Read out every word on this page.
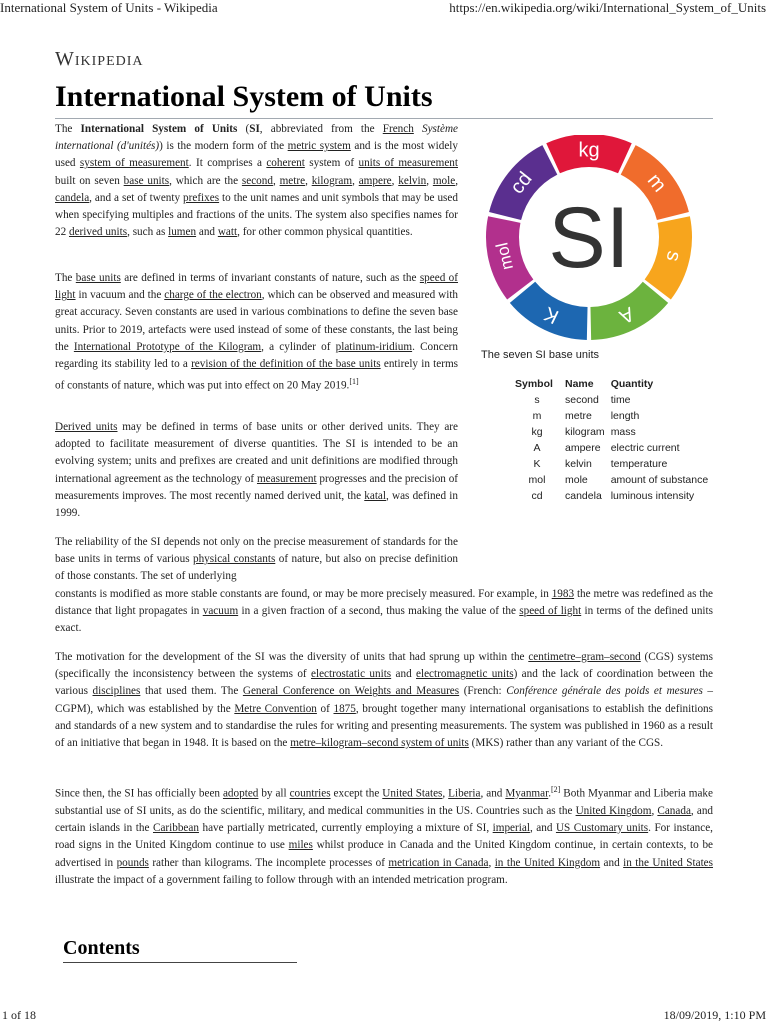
International System of Units - Wikipedia	https://en.wikipedia.org/wiki/International_System_of_Units
Wikipedia
International System of Units
The International System of Units (SI, abbreviated from the French Système international (d'unités)) is the modern form of the metric system and is the most widely used system of measurement. It comprises a coherent system of units of measurement built on seven base units, which are the second, metre, kilogram, ampere, kelvin, mole, candela, and a set of twenty prefixes to the unit names and unit symbols that may be used when specifying multiples and fractions of the units. The system also specifies names for 22 derived units, such as lumen and watt, for other common physical quantities.
The base units are defined in terms of invariant constants of nature, such as the speed of light in vacuum and the charge of the electron, which can be observed and measured with great accuracy. Seven constants are used in various combinations to define the seven base units. Prior to 2019, artefacts were used instead of some of these constants, the last being the International Prototype of the Kilogram, a cylinder of platinum-iridium. Concern regarding its stability led to a revision of the definition of the base units entirely in terms of constants of nature, which was put into effect on 20 May 2019.[1]
Derived units may be defined in terms of base units or other derived units. They are adopted to facilitate measurement of diverse quantities. The SI is intended to be an evolving system; units and prefixes are created and unit definitions are modified through international agreement as the technology of measurement progresses and the precision of measurements improves. The most recently named derived unit, the katal, was defined in 1999.
The reliability of the SI depends not only on the precise measurement of standards for the base units in terms of various physical constants of nature, but also on precise definition of those constants. The set of underlying
constants is modified as more stable constants are found, or may be more precisely measured. For example, in 1983 the metre was redefined as the distance that light propagates in vacuum in a given fraction of a second, thus making the value of the speed of light in terms of the defined units exact.
The motivation for the development of the SI was the diversity of units that had sprung up within the centimetre–gram–second (CGS) systems (specifically the inconsistency between the systems of electrostatic units and electromagnetic units) and the lack of coordination between the various disciplines that used them. The General Conference on Weights and Measures (French: Conférence générale des poids et mesures – CGPM), which was established by the Metre Convention of 1875, brought together many international organisations to establish the definitions and standards of a new system and to standardise the rules for writing and presenting measurements. The system was published in 1960 as a result of an initiative that began in 1948. It is based on the metre–kilogram–second system of units (MKS) rather than any variant of the CGS.
Since then, the SI has officially been adopted by all countries except the United States, Liberia, and Myanmar.[2] Both Myanmar and Liberia make substantial use of SI units, as do the scientific, military, and medical communities in the US. Countries such as the United Kingdom, Canada, and certain islands in the Caribbean have partially metricated, currently employing a mixture of SI, imperial, and US Customary units. For instance, road signs in the United Kingdom continue to use miles whilst produce in Canada and the United Kingdom continue, in certain contexts, to be advertised in pounds rather than kilograms. The incomplete processes of metrication in Canada, in the United Kingdom and in the United States illustrate the impact of a government failing to follow through with an intended metrication program.
kg
m
s
A
K
mol
cd
SI
The seven SI base units
Symbol	Name	Quantity
s	second	time
m	metre	length
kg	kilogram	mass
A	ampere	electric current
K	kelvin	temperature
mol	mole	amount of substance
cd	candela	luminous intensity
Contents
1 of 18	18/09/2019, 1:10 PM
